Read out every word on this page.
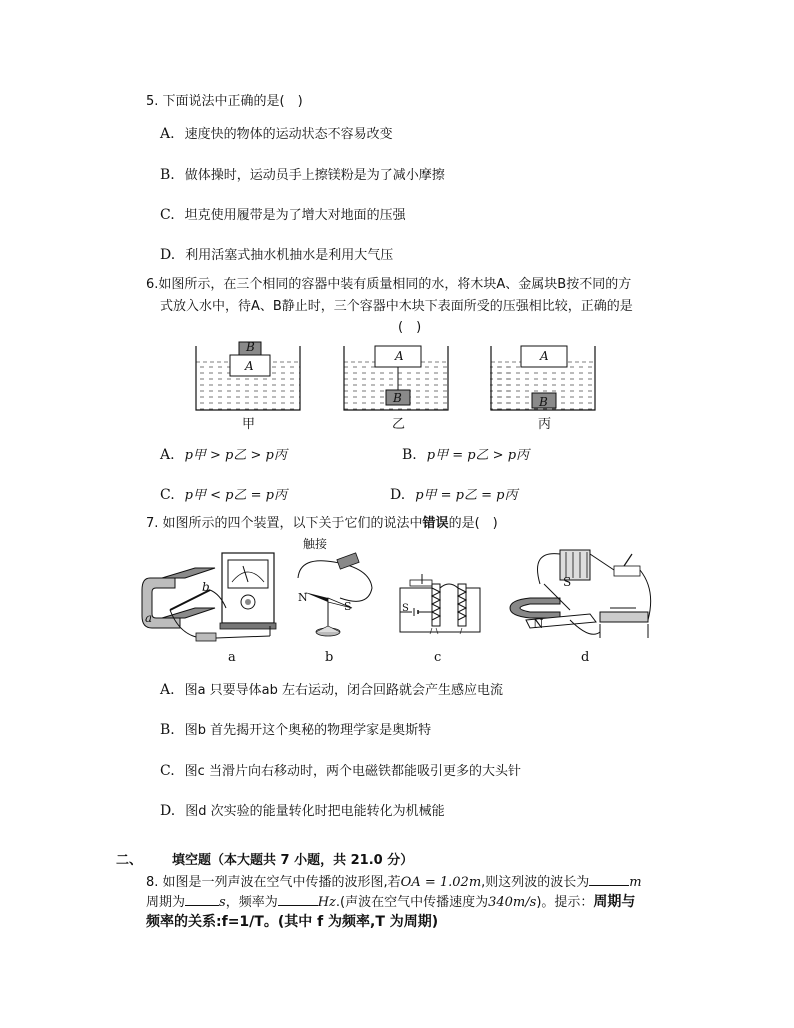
5. 下面说法中正确的是(　)
A. 速度快的物体的运动状态不容易改变
B. 做体操时，运动员手上擦镁粉是为了减小摩擦
C. 坦克使用履带是为了增大对地面的压强
D. 利用活塞式抽水机抽水是利用大气压
6.如图所示，在三个相同的容器中装有质量相同的水，将木块A、金属块B按不同的方
式放入水中，待A、B静止时，三个容器中木块下表面所受的压强相比较，正确的是
(　)
B
A
A
B
A
B
甲	乙	丙
A. p甲 > p乙 > p丙	B. p甲 = p乙 > p丙
C. p甲 < p乙 = p丙	D. p甲 = p乙 = p丙
7. 如图所示的四个装置，以下关于它们的说法中错误的是(　)
a
b
触接
N
S	S
S
N
a	b	c	d
A. 图a 只要导体ab 左右运动，闭合回路就会产生感应电流
B. 图b 首先揭开这个奥秘的物理学家是奥斯特
C. 图c 当滑片向右移动时，两个电磁铁都能吸引更多的大头针
D. 图d 次实验的能量转化时把电能转化为机械能
二、 填空题（本大题共 7 小题，共 21.0 分）
8. 如图是一列声波在空气中传播的波形图,若OA = 1.02m,则这列波的波长为	m
周期为	s，频率为	Hz.(声波在空气中传播速度为340m/s)。提示：周期与
频率的关系:f=1/T。(其中 f 为频率,T 为周期)
